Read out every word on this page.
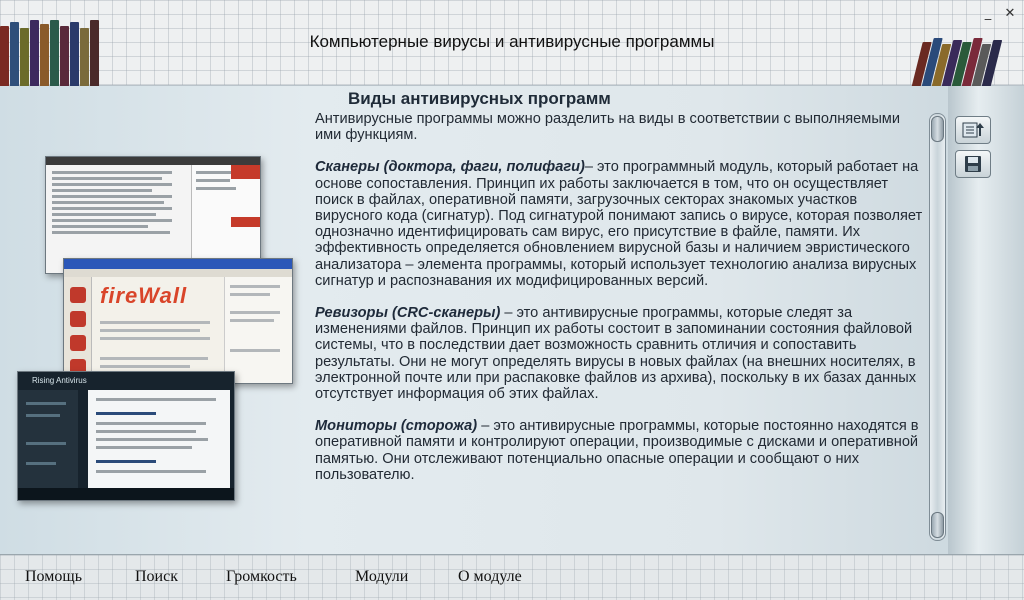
Компьютерные вирусы и антивирусные программы
_	✕
fireWall
Rising Antivirus
Виды антивирусных программ

Антивирусные программы можно разделить на виды в соответствии с выполняемыми ими функциям.

Сканеры (доктора, фаги, полифаги)– это программный модуль, который работает на основе сопоставления. Принцип их работы заключается в том, что он осуществляет поиск в файлах, оперативной памяти, загрузочных секторах знакомых участков вирусного кода (сигнатур). Под сигнатурой понимают запись о вирусе, которая позволяет однозначно идентифицировать сам вирус, его присутствие в файле, памяти. Их эффективность определяется обновлением вирусной базы и наличием эвристического анализатора – элемента программы, который использует технологию анализа вирусных сигнатур и распознавания их модифицированных версий.

Ревизоры (CRC-сканеры) – это антивирусные программы, которые следят за изменениями файлов. Принцип их работы состоит в запоминании состояния файловой системы, что в последствии дает возможность сравнить отличия и сопоставить результаты. Они не могут определять вирусы в новых файлах (на внешних носителях, в электронной почте или при распаковке файлов из архива), поскольку в их базах данных отсутствует информация об этих файлах.

Мониторы (сторожа) – это антивирусные программы, которые постоянно находятся в оперативной памяти и контролируют операции, производимые с дисками и оперативной памятью. Они отслеживают потенциально опасные операции и сообщают о них пользователю.

Помощь	Поиск	Громкость	Модули	О модуле
